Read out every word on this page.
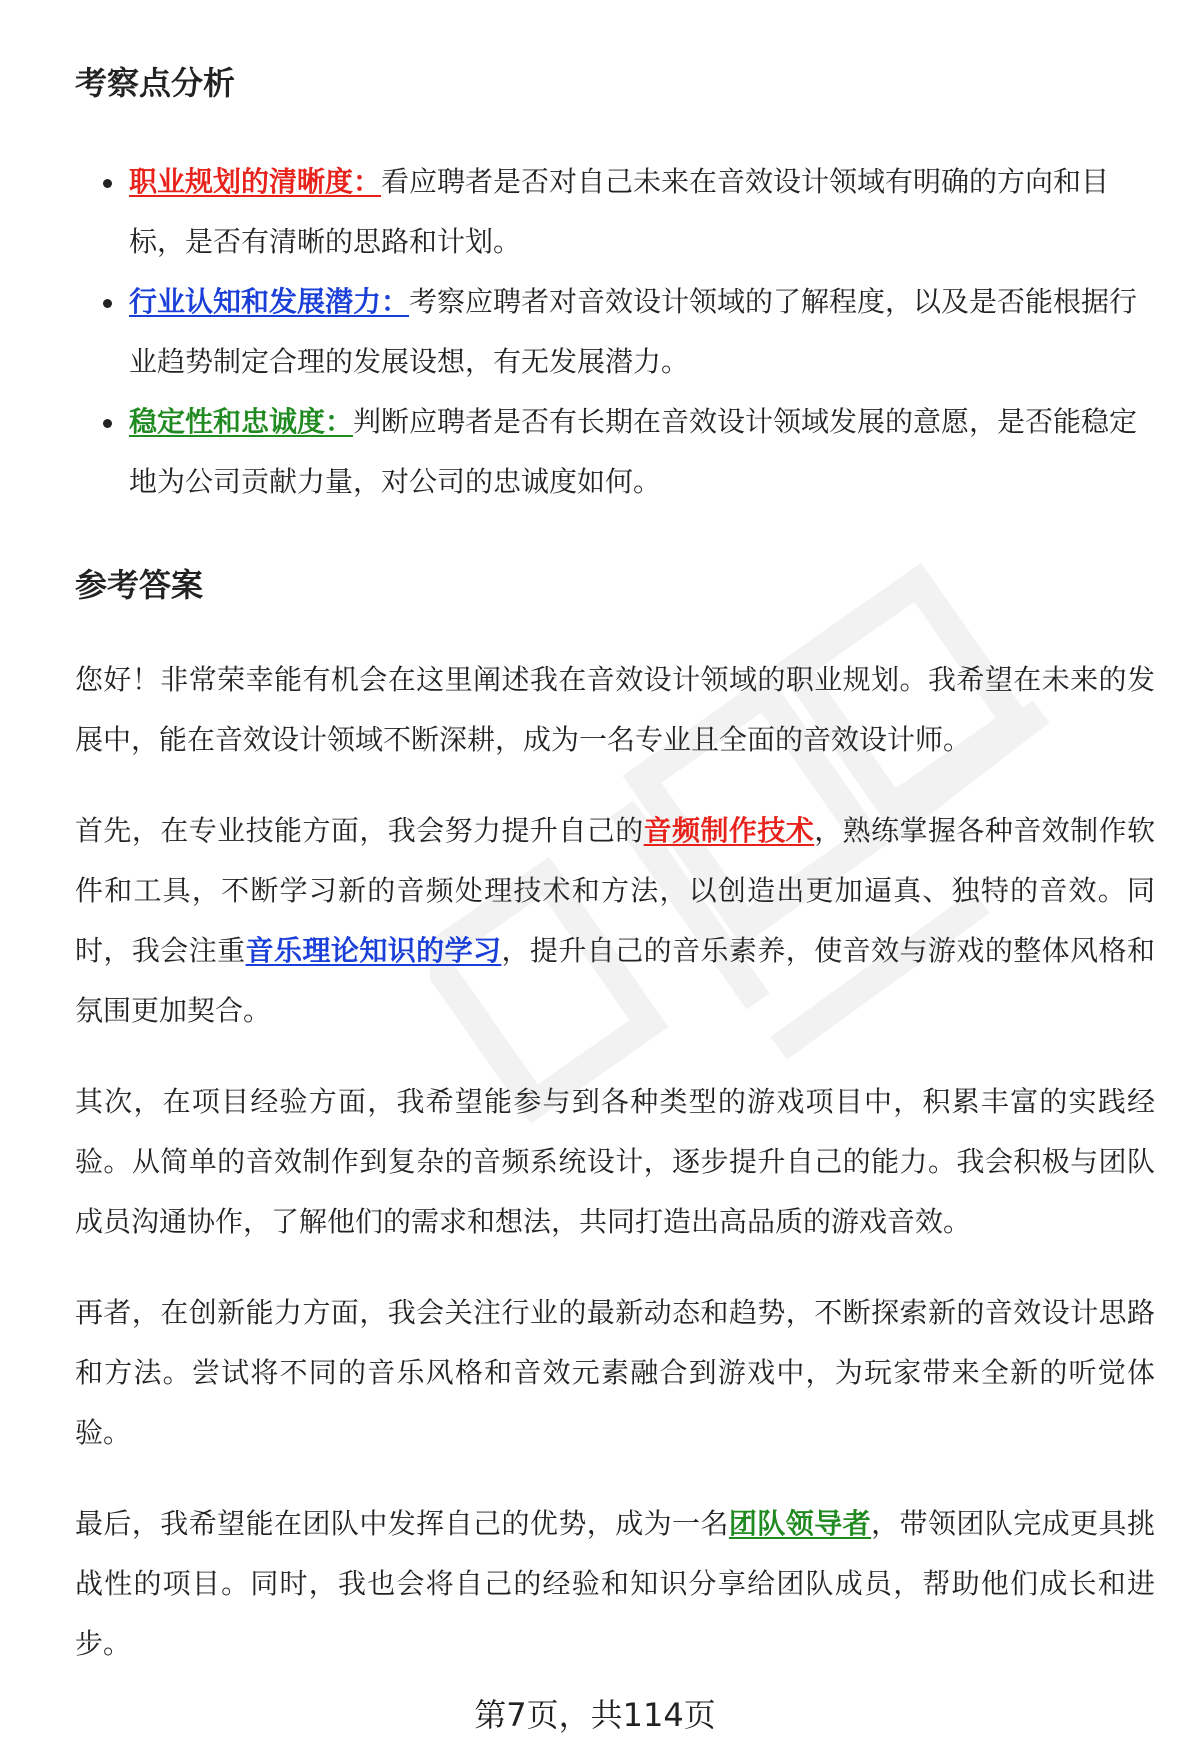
考察点分析
职业规划的清晰度：看应聘者是否对自己未来在音效设计领域有明确的方向和目标，是否有清晰的思路和计划。
行业认知和发展潜力：考察应聘者对音效设计领域的了解程度，以及是否能根据行业趋势制定合理的发展设想，有无发展潜力。
稳定性和忠诚度：判断应聘者是否有长期在音效设计领域发展的意愿，是否能稳定地为公司贡献力量，对公司的忠诚度如何。
参考答案

您好！非常荣幸能有机会在这里阐述我在音效设计领域的职业规划。我希望在未来的发展中，能在音效设计领域不断深耕，成为一名专业且全面的音效设计师。

首先，在专业技能方面，我会努力提升自己的音频制作技术，熟练掌握各种音效制作软件和工具，不断学习新的音频处理技术和方法，以创造出更加逼真、独特的音效。同时，我会注重音乐理论知识的学习，提升自己的音乐素养，使音效与游戏的整体风格和氛围更加契合。

其次，在项目经验方面，我希望能参与到各种类型的游戏项目中，积累丰富的实践经验。从简单的音效制作到复杂的音频系统设计，逐步提升自己的能力。我会积极与团队成员沟通协作，了解他们的需求和想法，共同打造出高品质的游戏音效。

再者，在创新能力方面，我会关注行业的最新动态和趋势，不断探索新的音效设计思路和方法。尝试将不同的音乐风格和音效元素融合到游戏中，为玩家带来全新的听觉体验。

最后，我希望能在团队中发挥自己的优势，成为一名团队领导者，带领团队完成更具挑战性的项目。同时，我也会将自己的经验和知识分享给团队成员，帮助他们成长和进步。

第7页，共114页
